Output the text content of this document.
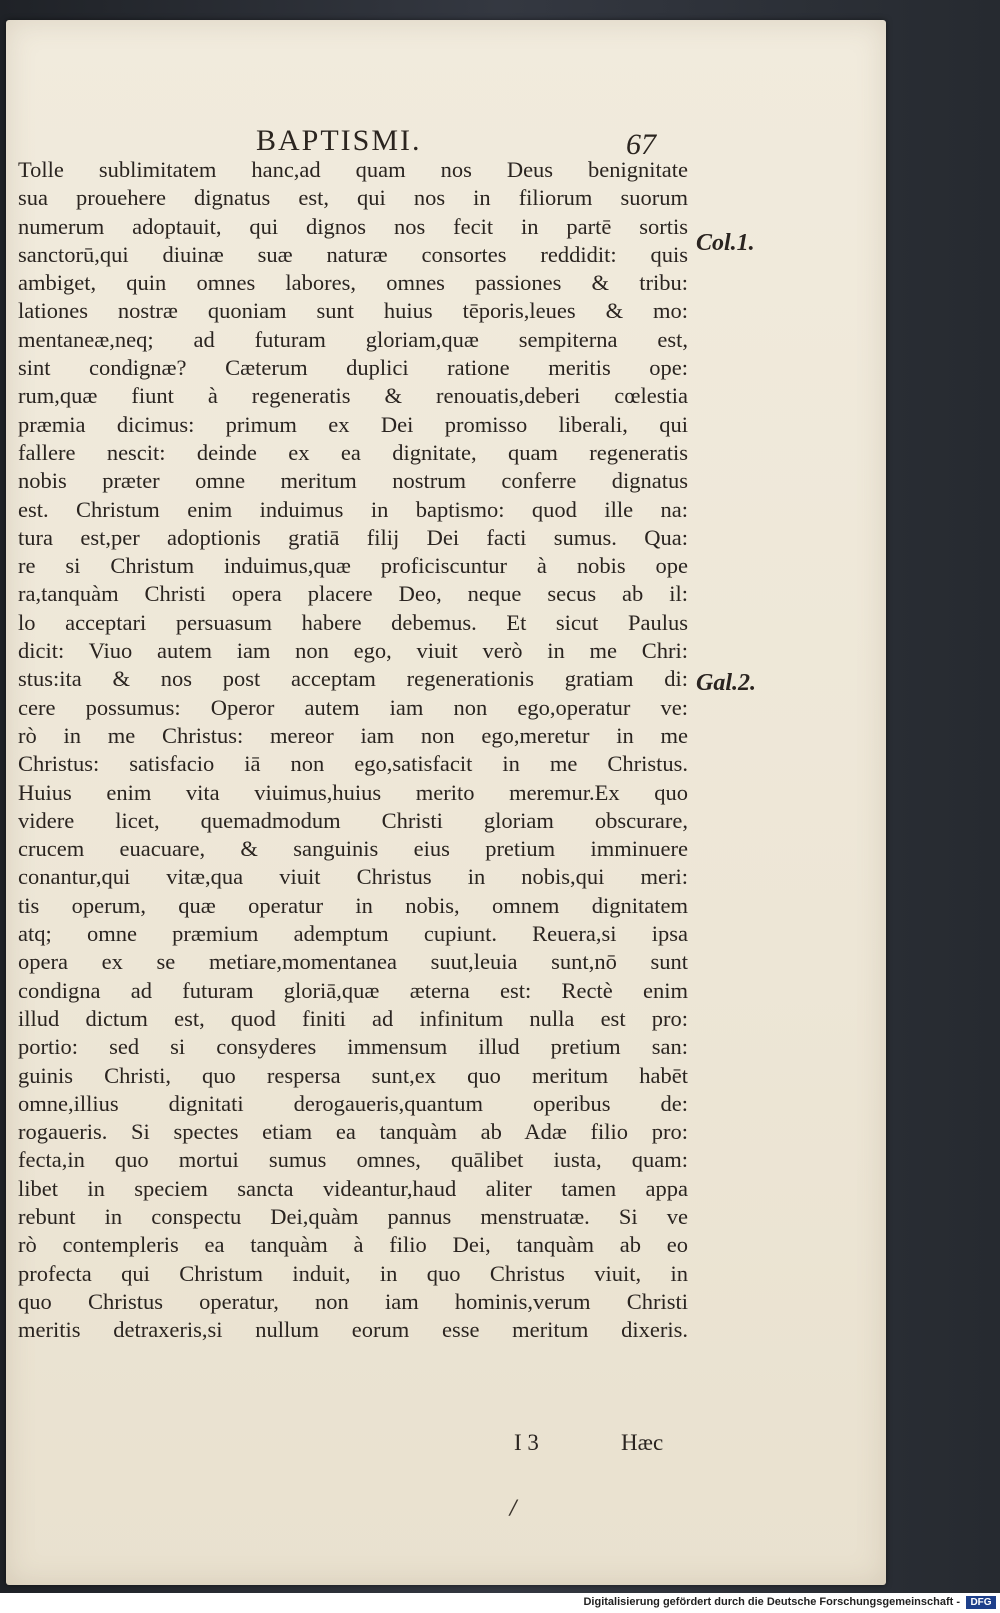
BAPTISMI.	67
Tolle sublimitatem hanc,ad quam nos Deus benignitate
sua prouehere dignatus est, qui nos in filiorum suorum
numerum adoptauit, qui dignos nos fecit in partē sortis
sanctorū,qui diuinæ suæ naturæ consortes reddidit: quis
ambiget, quin omnes labores, omnes passiones & tribu:
lationes nostræ quoniam sunt huius tēporis,leues & mo:
mentaneæ,neq; ad futuram gloriam,quæ sempiterna est,
sint condignæ? Cæterum duplici ratione meritis ope:
rum,quæ fiunt à regeneratis & renouatis,deberi cœlestia
præmia dicimus: primum ex Dei promisso liberali, qui
fallere nescit: deinde ex ea dignitate, quam regeneratis
nobis præter omne meritum nostrum conferre dignatus
est. Christum enim induimus in baptismo: quod ille na:
tura est,per adoptionis gratiā filij Dei facti sumus. Qua:
re si Christum induimus,quæ proficiscuntur à nobis ope
ra,tanquàm Christi opera placere Deo, neque secus ab il:
lo acceptari persuasum habere debemus. Et sicut Paulus
dicit: Viuo autem iam non ego, viuit verò in me Chri:
stus:ita & nos post acceptam regenerationis gratiam di:
cere possumus: Operor autem iam non ego,operatur ve:
rò in me Christus: mereor iam non ego,meretur in me
Christus: satisfacio iā non ego,satisfacit in me Christus.
Huius enim vita viuimus,huius merito meremur.Ex quo
videre licet, quemadmodum Christi gloriam obscurare,
crucem euacuare, & sanguinis eius pretium imminuere
conantur,qui vitæ,qua viuit Christus in nobis,qui meri:
tis operum, quæ operatur in nobis, omnem dignitatem
atq; omne præmium ademptum cupiunt. Reuera,si ipsa
opera ex se metiare,momentanea suut,leuia sunt,nō sunt
condigna ad futuram gloriā,quæ æterna est: Rectè enim
illud dictum est, quod finiti ad infinitum nulla est pro:
portio: sed si consyderes immensum illud pretium san:
guinis Christi, quo respersa sunt,ex quo meritum habēt
omne,illius dignitati derogaueris,quantum operibus de:
rogaueris. Si spectes etiam ea tanquàm ab Adæ filio pro:
fecta,in quo mortui sumus omnes, quālibet iusta, quam:
libet in speciem sancta videantur,haud aliter tamen appa
rebunt in conspectu Dei,quàm pannus menstruatæ. Si ve
rò contempleris ea tanquàm à filio Dei, tanquàm ab eo
profecta qui Christum induit, in quo Christus viuit, in
quo Christus operatur, non iam hominis,verum Christi
meritis detraxeris,si nullum eorum esse meritum dixeris.
Col.1.
Gal.2.
I 3	Hæc
/
Digitalisierung gefördert durch die Deutsche Forschungsgemeinschaft -	DFG
